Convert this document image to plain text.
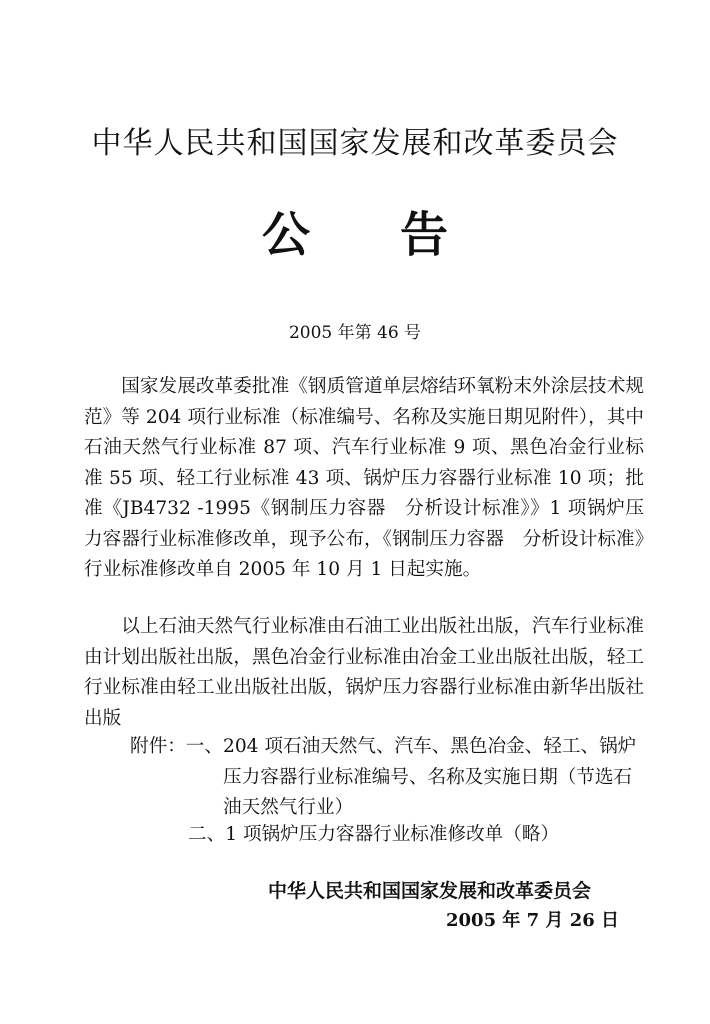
中华人民共和国国家发展和改革委员会
公告
2005 年第 46 号

国家发展改革委批准《钢质管道单层熔结环氧粉末外涂层技术规范》等 204 项行业标准（标准编号、名称及实施日期见附件），其中石油天然气行业标准 87 项、汽车行业标准 9 项、黑色冶金行业标准 55 项、轻工行业标准 43 项、锅炉压力容器行业标准 10 项；批准《JB4732 -1995《钢制压力容器　分析设计标准》》1 项锅炉压力容器行业标准修改单，现予公布，《钢制压力容器　分析设计标准》行业标准修改单自 2005 年 10 月 1 日起实施。

以上石油天然气行业标准由石油工业出版社出版，汽车行业标准由计划出版社出版，黑色冶金行业标准由冶金工业出版社出版，轻工行业标准由轻工业出版社出版，锅炉压力容器行业标准由新华出版社出版

附件： 一、 204 项石油天然气、汽车、黑色冶金、轻工、锅炉压力容器行业标准编号、名称及实施日期（节选石油天然气行业）
二、 1 项锅炉压力容器行业标准修改单（略）
中华人民共和国国家发展和改革委员会
2005 年 7 月 26 日
